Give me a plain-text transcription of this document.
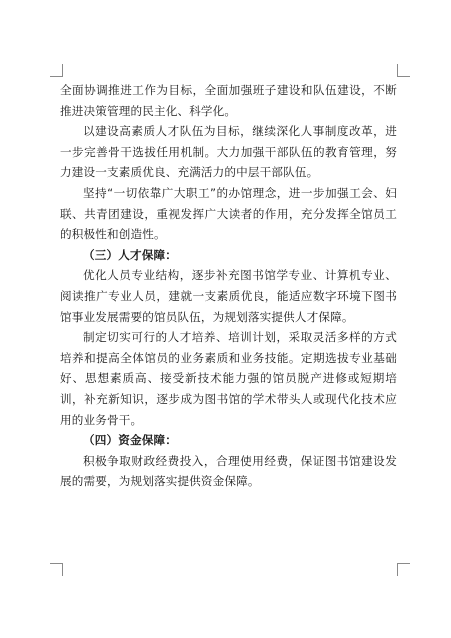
全面协调推进工作为目标，全面加强班子建设和队伍建设，不断推进决策管理的民主化、科学化。

以建设高素质人才队伍为目标，继续深化人事制度改革，进一步完善骨干选拔任用机制。大力加强干部队伍的教育管理，努力建设一支素质优良、充满活力的中层干部队伍。

坚持“一切依靠广大职工”的办馆理念，进一步加强工会、妇联、共青团建设，重视发挥广大读者的作用，充分发挥全馆员工的积极性和创造性。

（三）人才保障：

优化人员专业结构，逐步补充图书馆学专业、计算机专业、阅读推广专业人员，建就一支素质优良，能适应数字环境下图书馆事业发展需要的馆员队伍，为规划落实提供人才保障。

制定切实可行的人才培养、培训计划，采取灵活多样的方式培养和提高全体馆员的业务素质和业务技能。定期选拔专业基础好、思想素质高、接受新技术能力强的馆员脱产进修或短期培训，补充新知识，逐步成为图书馆的学术带头人或现代化技术应用的业务骨干。

（四）资金保障：

积极争取财政经费投入，合理使用经费，保证图书馆建设发展的需要，为规划落实提供资金保障。
